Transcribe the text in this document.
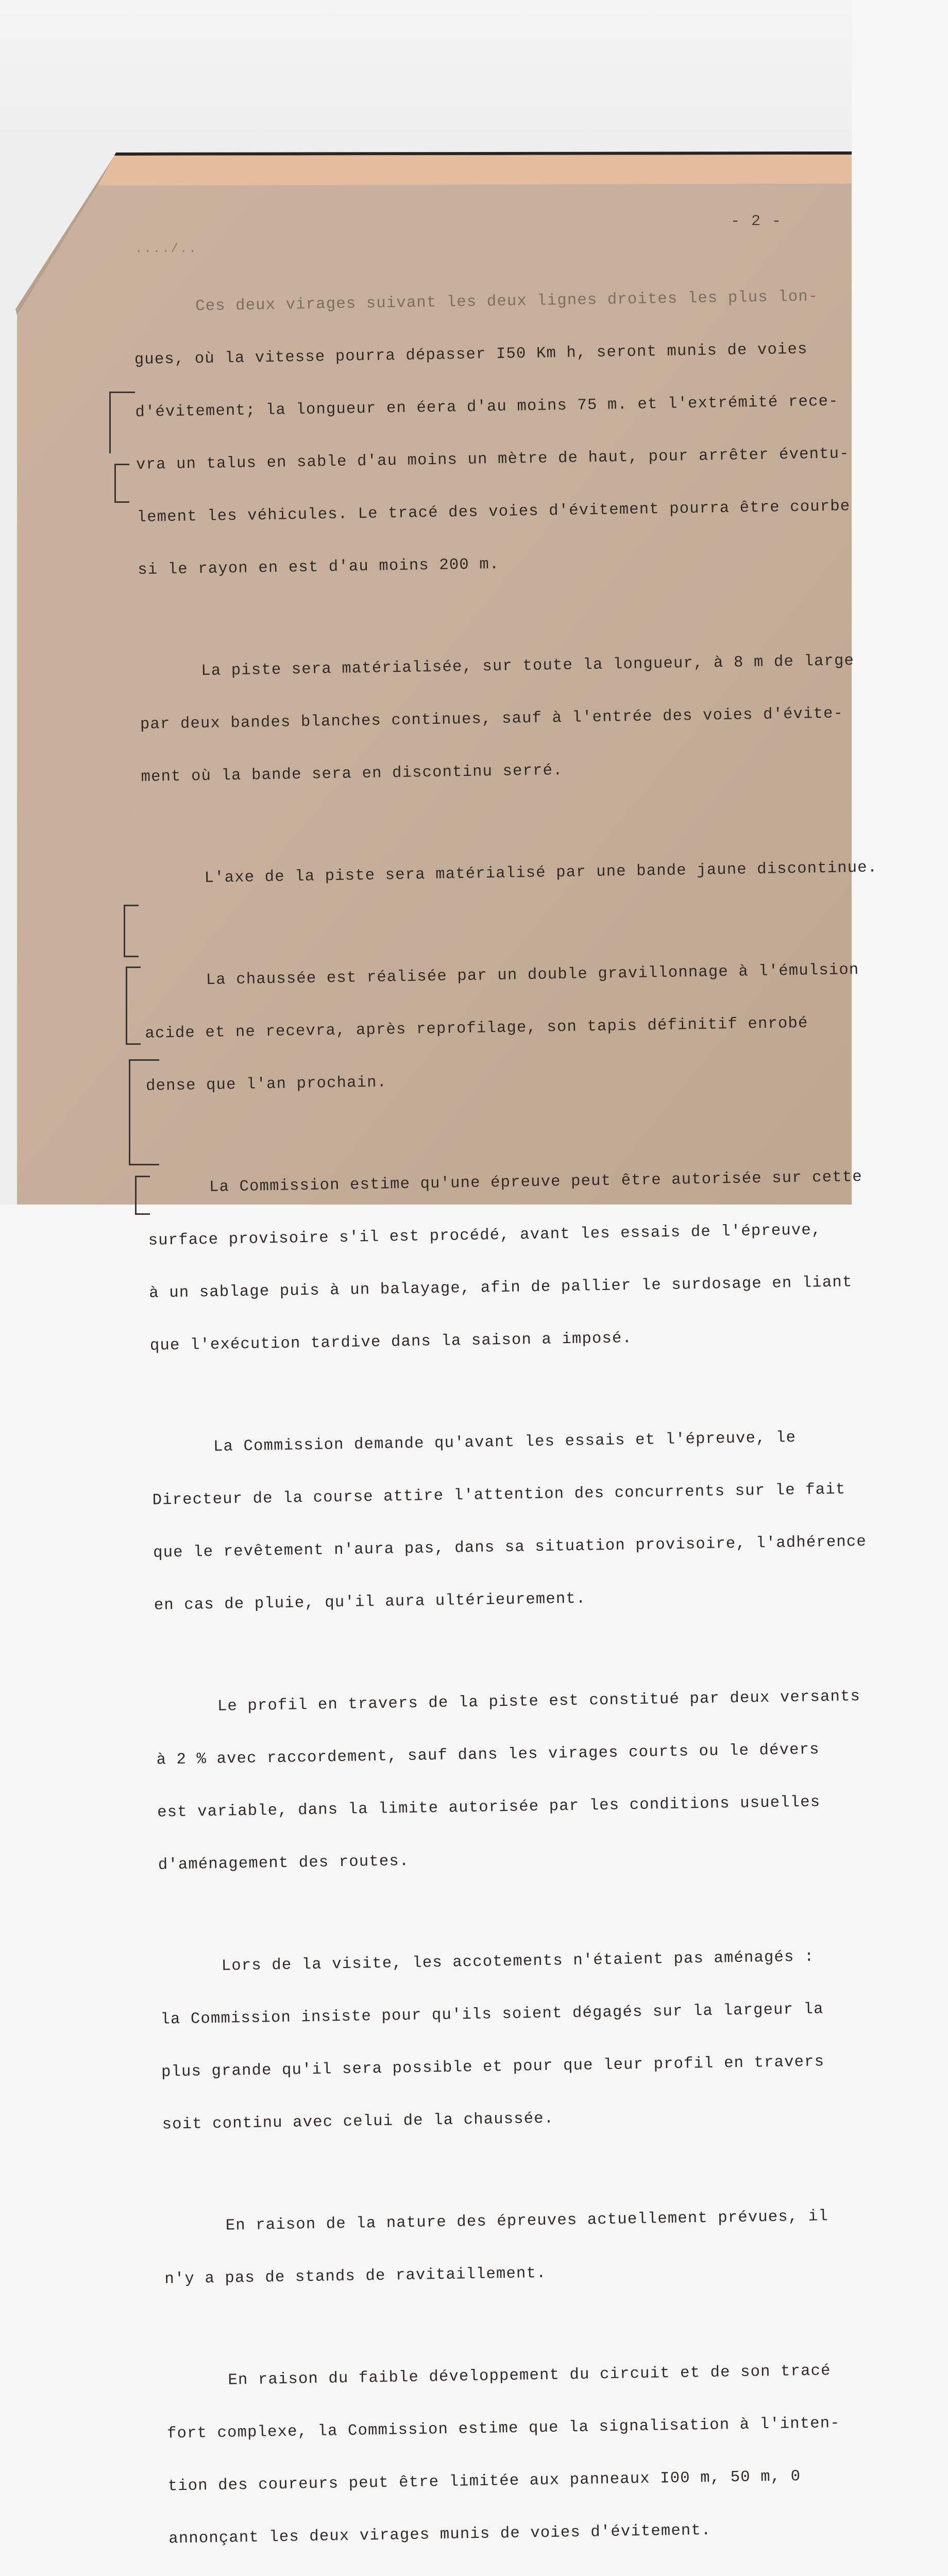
- 2 -
..../..

Ces deux virages suivant les deux lignes droites les plus lon-

gues, où la vitesse pourra dépasser I50 Km h, seront munis de voies

d'évitement; la longueur en éera d'au moins 75 m. et l'extrémité rece-

vra un talus en sable d'au moins un mètre de haut, pour arrêter éventu-

lement les véhicules. Le tracé des voies d'évitement pourra être courbe

si le rayon en est d'au moins 200 m.

La piste sera matérialisée, sur toute la longueur, à 8 m de large

par deux bandes blanches continues, sauf à l'entrée des voies d'évite-

ment où la bande sera en discontinu serré.

L'axe de la piste sera matérialisé par une bande jaune discontinue.

La chaussée est réalisée par un double gravillonnage à l'émulsion

acide et ne recevra, après reprofilage, son tapis définitif enrobé

dense que l'an prochain.

La Commission estime qu'une épreuve peut être autorisée sur cette

surface provisoire s'il est procédé, avant les essais de l'épreuve,

à un sablage puis à un balayage, afin de pallier le surdosage en liant

que l'exécution tardive dans la saison a imposé.

La Commission demande qu'avant les essais et l'épreuve, le

Directeur de la course attire l'attention des concurrents sur le fait

que le revêtement n'aura pas, dans sa situation provisoire, l'adhérence

en cas de pluie, qu'il aura ultérieurement.

Le profil en travers de la piste est constitué par deux versants

à 2 % avec raccordement, sauf dans les virages courts ou le dévers

est variable, dans la limite autorisée par les conditions usuelles

d'aménagement des routes.

Lors de la visite, les accotements n'étaient pas aménagés :

la Commission insiste pour qu'ils soient dégagés sur la largeur la

plus grande qu'il sera possible et pour que leur profil en travers

soit continu avec celui de la chaussée.

En raison de la nature des épreuves actuellement prévues, il

n'y a pas de stands de ravitaillement.

En raison du faible développement du circuit et de son tracé

fort complexe, la Commission estime que la signalisation à l'inten-

tion des coureurs peut être limitée aux panneaux I00 m, 50 m, 0

annonçant les deux virages munis de voies d'évitement.
